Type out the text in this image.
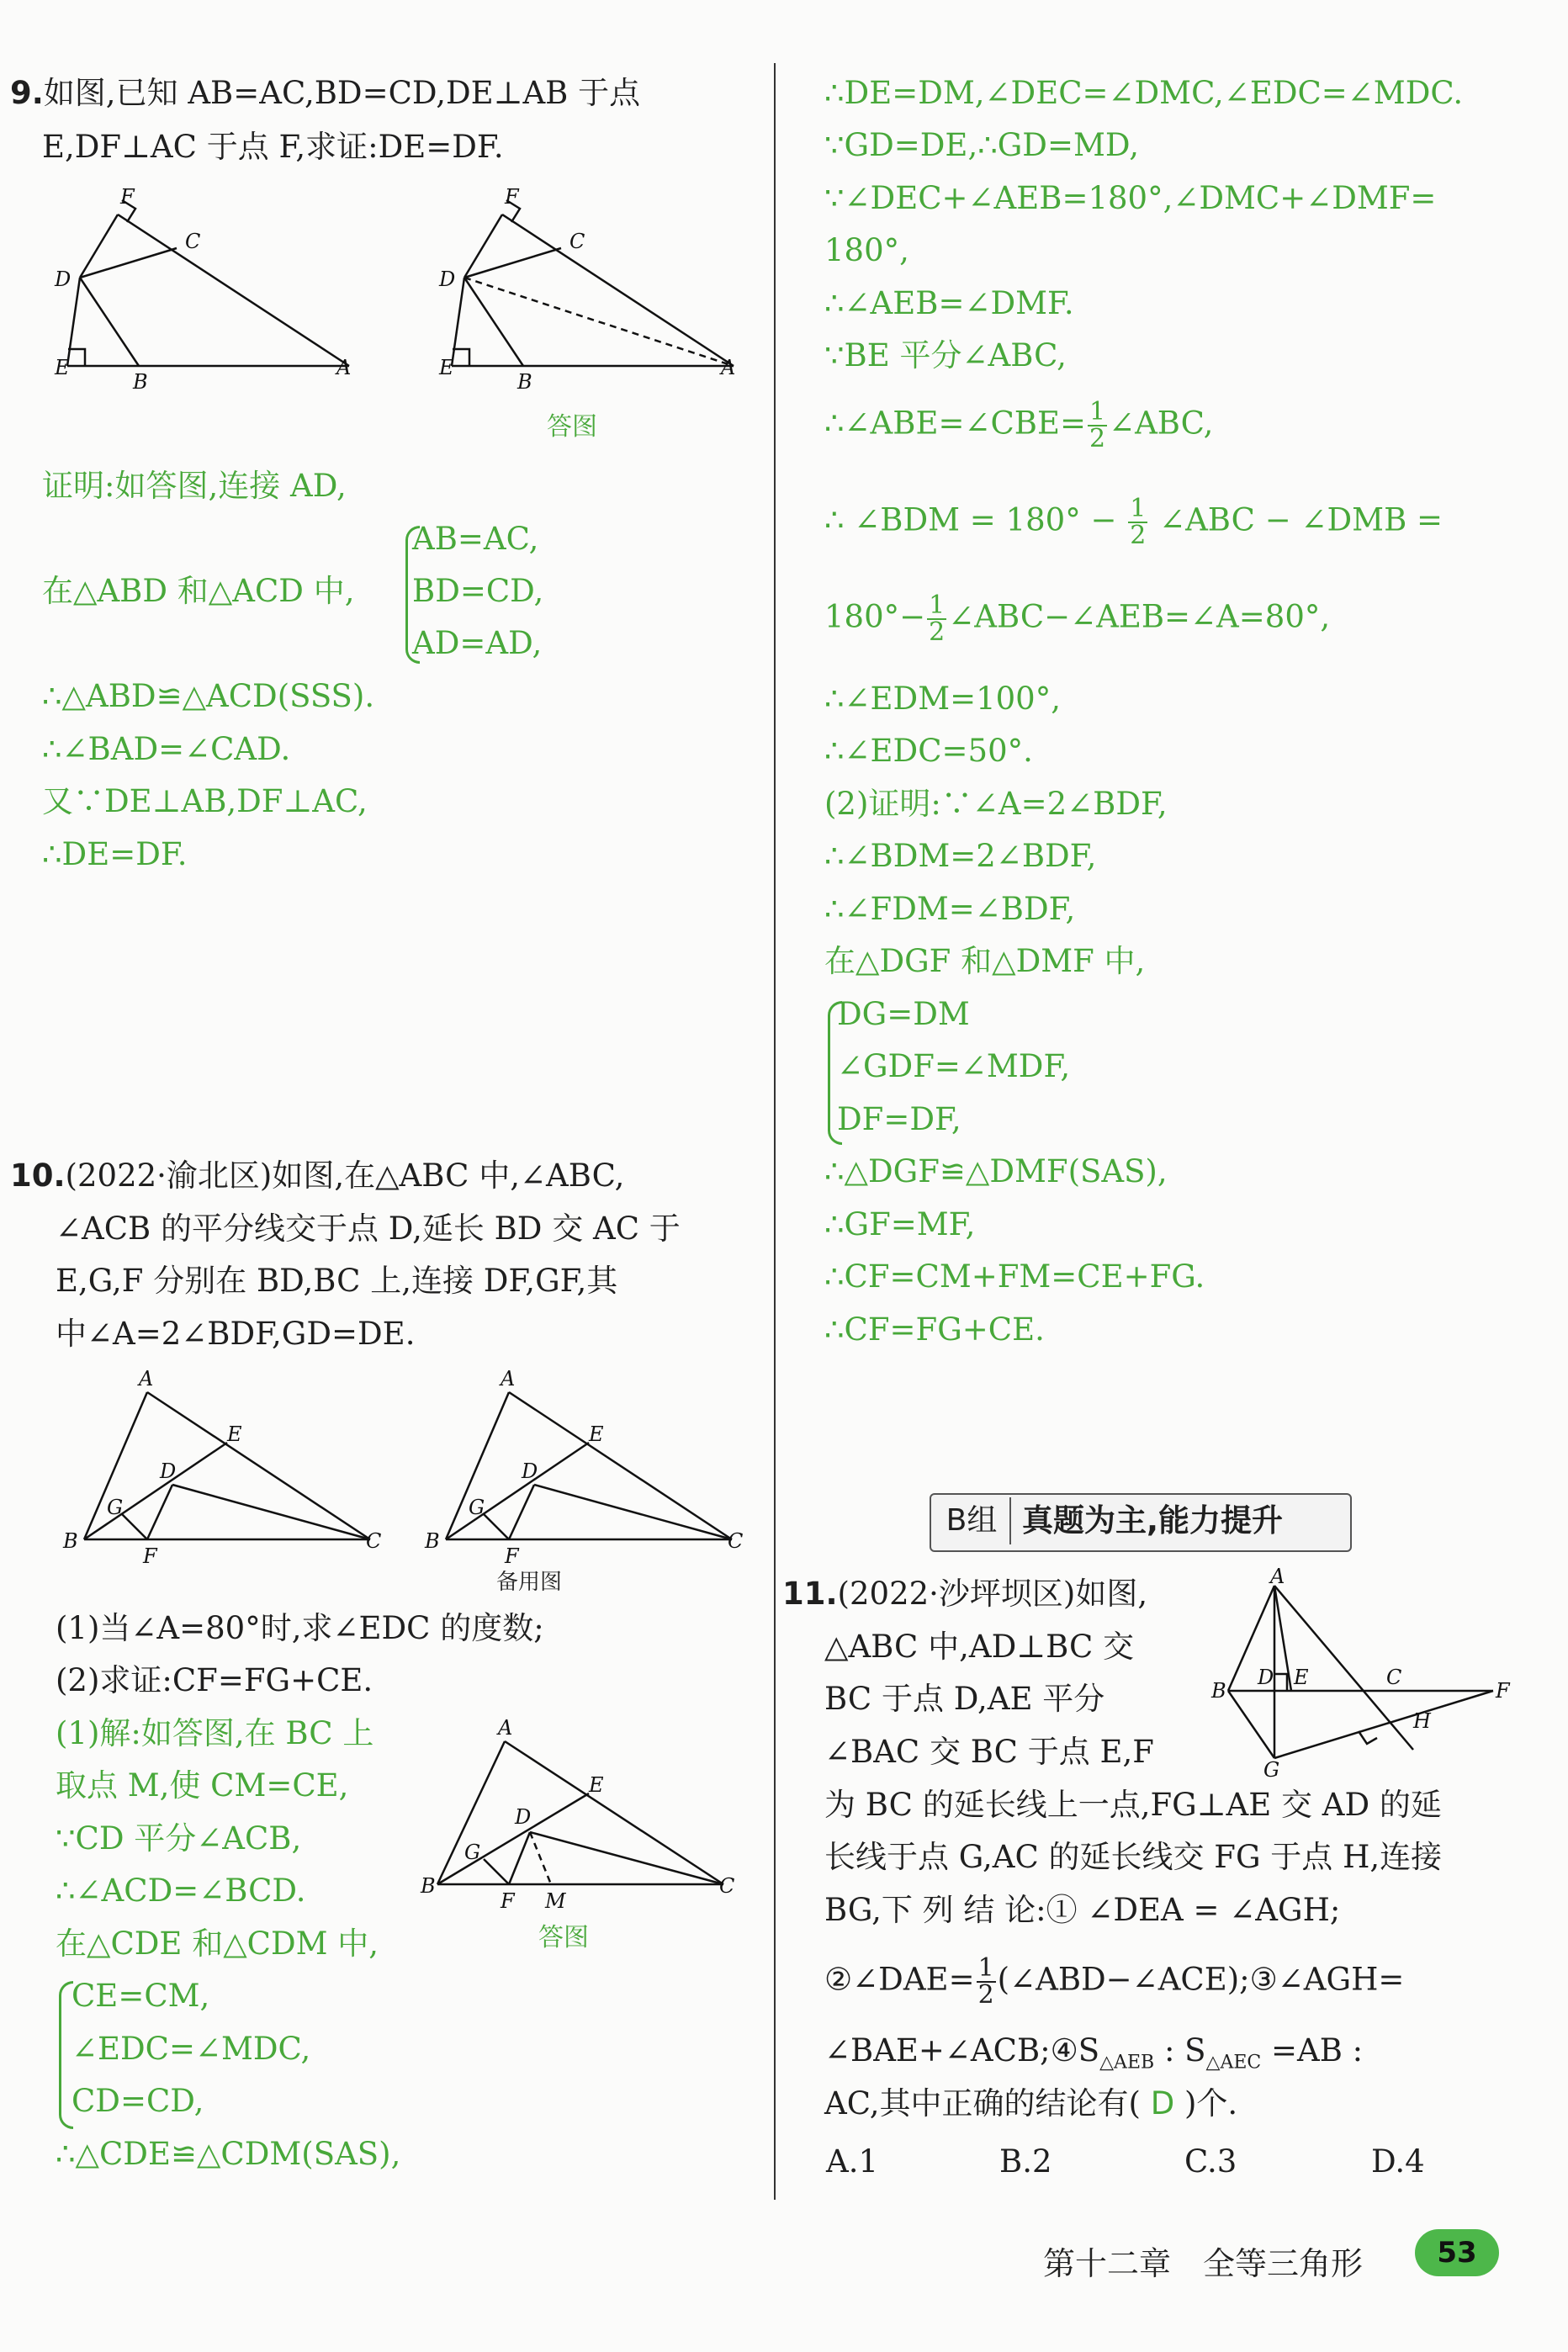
9.如图,已知 AB=AC,BD=CD,DE⊥AB 于点
E,DF⊥AC 于点 F,求证:DE=DF.
F
C
D
E
B
A
F
C
D
E
B
A
答图
证明:如答图,连接 AD,
在△ABD 和△ACD 中,
AB=AC,
BD=CD,
AD=AD,
∴△ABD≌△ACD(SSS).
∴∠BAD=∠CAD.
又∵DE⊥AB,DF⊥AC,
∴DE=DF.
10.(2022·渝北区)如图,在△ABC 中,∠ABC,
∠ACB 的平分线交于点 D,延长 BD 交 AC 于
E,G,F 分别在 BD,BC 上,连接 DF,GF,其
中∠A=2∠BDF,GD=DE.
A
E
D
G
B
F
C
A
E
D
G
B
F
C
备用图
(1)当∠A=80°时,求∠EDC 的度数;
(2)求证:CF=FG+CE.
(1)解:如答图,在 BC 上
取点 M,使 CM=CE,
∵CD 平分∠ACB,
∴∠ACD=∠BCD.
在△CDE 和△CDM 中,
CE=CM,
∠EDC=∠MDC,
CD=CD,
∴△CDE≌△CDM(SAS),
A
E
D
G
B
F M
C
答图
∴DE=DM,∠DEC=∠DMC,∠EDC=∠MDC.
∵GD=DE,∴GD=MD,
∵∠DEC+∠AEB=180°,∠DMC+∠DMF=
180°,
∴∠AEB=∠DMF.
∵BE 平分∠ABC,
∴∠ABE=∠CBE= $\frac{1}{2}$ ∠ABC,
∴ ∠BDM = $180^\circ - \frac{1}{2}$ ∠ABC − ∠DMB =
$180^\circ- \frac{1}{2}$ ∠ABC−∠AEB=∠A=80°,
∴∠EDM=100°,
∴∠EDC=50°.
(2)证明:∵∠A=2∠BDF,
∴∠BDM=2∠BDF,
∴∠FDM=∠BDF,
在△DGF 和△DMF 中,
DG=DM
∠GDF=∠MDF,
DF=DF,
∴△DGF≌△DMF(SAS),
∴GF=MF,
∴CF=CM+FM=CE+FG.
∴CF=FG+CE.
B组 真题为主,能力提升
11.(2022·沙坪坝区)如图,
△ABC 中,AD⊥BC 交
BC 于点 D,AE 平分
∠BAC 交 BC 于点 E,F
A
B
D E	C
F
H
G
为 BC 的延长线上一点,FG⊥AE 交 AD 的延
长线于点 G,AC 的延长线交 FG 于点 H,连接
BG,下 列 结 论:① ∠DEA = ∠AGH;
②∠DAE= $\frac{1}{2}$ (∠ABD−∠ACE);③∠AGH=
$\angle BAE+\angle ACB;④S_{\triangle AEB}$ : $S_{\triangle AEC} =AB$ :
AC,其中正确的结论有( D )个.
A.1	B.2	C.3	D.4
第十二章　全等三角形	53
